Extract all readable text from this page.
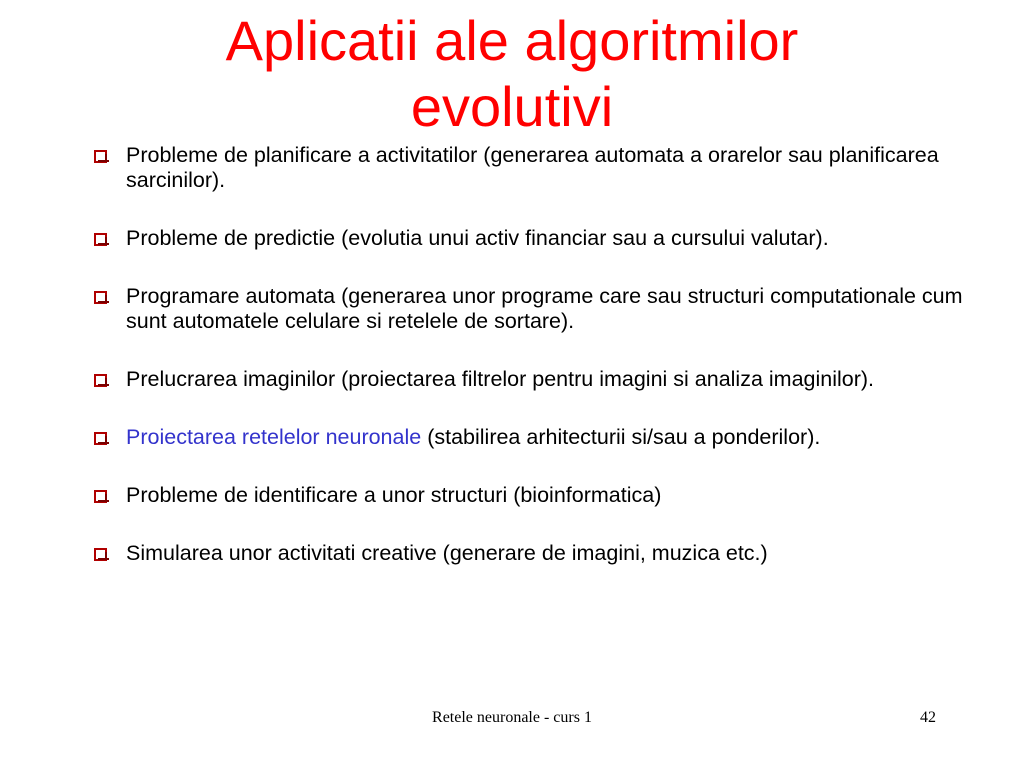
Aplicatii ale algoritmilor
evolutivi
Probleme de planificare a activitatilor (generarea automata a orarelor sau planificarea sarcinilor).
Probleme de predictie (evolutia unui activ financiar sau a cursului valutar).
Programare automata (generarea unor programe care sau structuri computationale cum sunt automatele celulare si retelele de sortare).
Prelucrarea imaginilor (proiectarea filtrelor pentru imagini si analiza imaginilor).
Proiectarea retelelor neuronale (stabilirea arhitecturii si/sau a ponderilor).
Probleme de identificare a unor structuri (bioinformatica)
Simularea unor activitati creative (generare de imagini, muzica etc.)
Retele neuronale - curs 1	42
